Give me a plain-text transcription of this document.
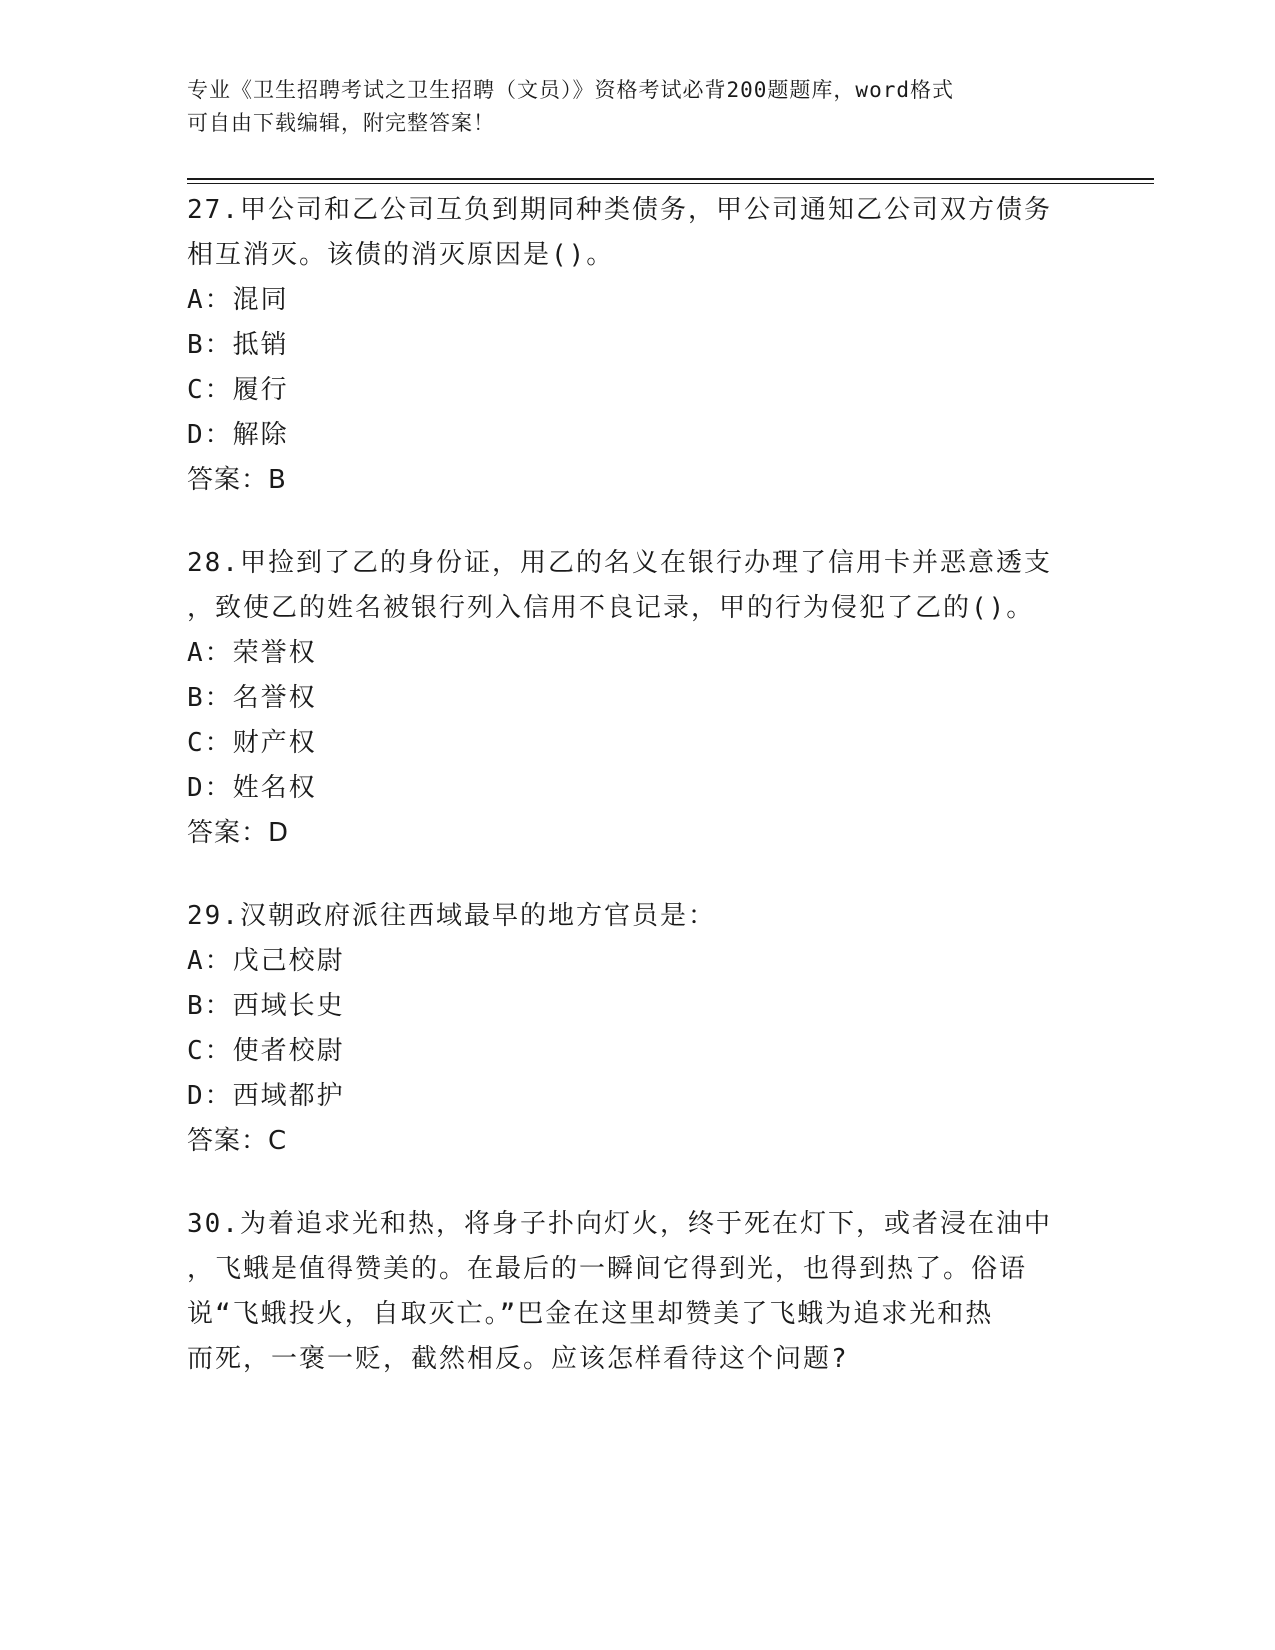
专业《卫生招聘考试之卫生招聘（文员）》资格考试必背200题题库，word格式
可自由下载编辑，附完整答案！
27.甲公司和乙公司互负到期同种类债务，甲公司通知乙公司双方债务
相互消灭。该债的消灭原因是()。
A：混同
B：抵销
C：履行
D：解除
答案：B
28.甲捡到了乙的身份证，用乙的名义在银行办理了信用卡并恶意透支
，致使乙的姓名被银行列入信用不良记录，甲的行为侵犯了乙的()。
A：荣誉权
B：名誉权
C：财产权
D：姓名权
答案：D
29.汉朝政府派往西域最早的地方官员是：
A：戊己校尉
B：西域长史
C：使者校尉
D：西域都护
答案：C
30.为着追求光和热，将身子扑向灯火，终于死在灯下，或者浸在油中
，飞蛾是值得赞美的。在最后的一瞬间它得到光，也得到热了。俗语
说“飞蛾投火，自取灭亡。”巴金在这里却赞美了飞蛾为追求光和热
而死，一褒一贬，截然相反。应该怎样看待这个问题?
